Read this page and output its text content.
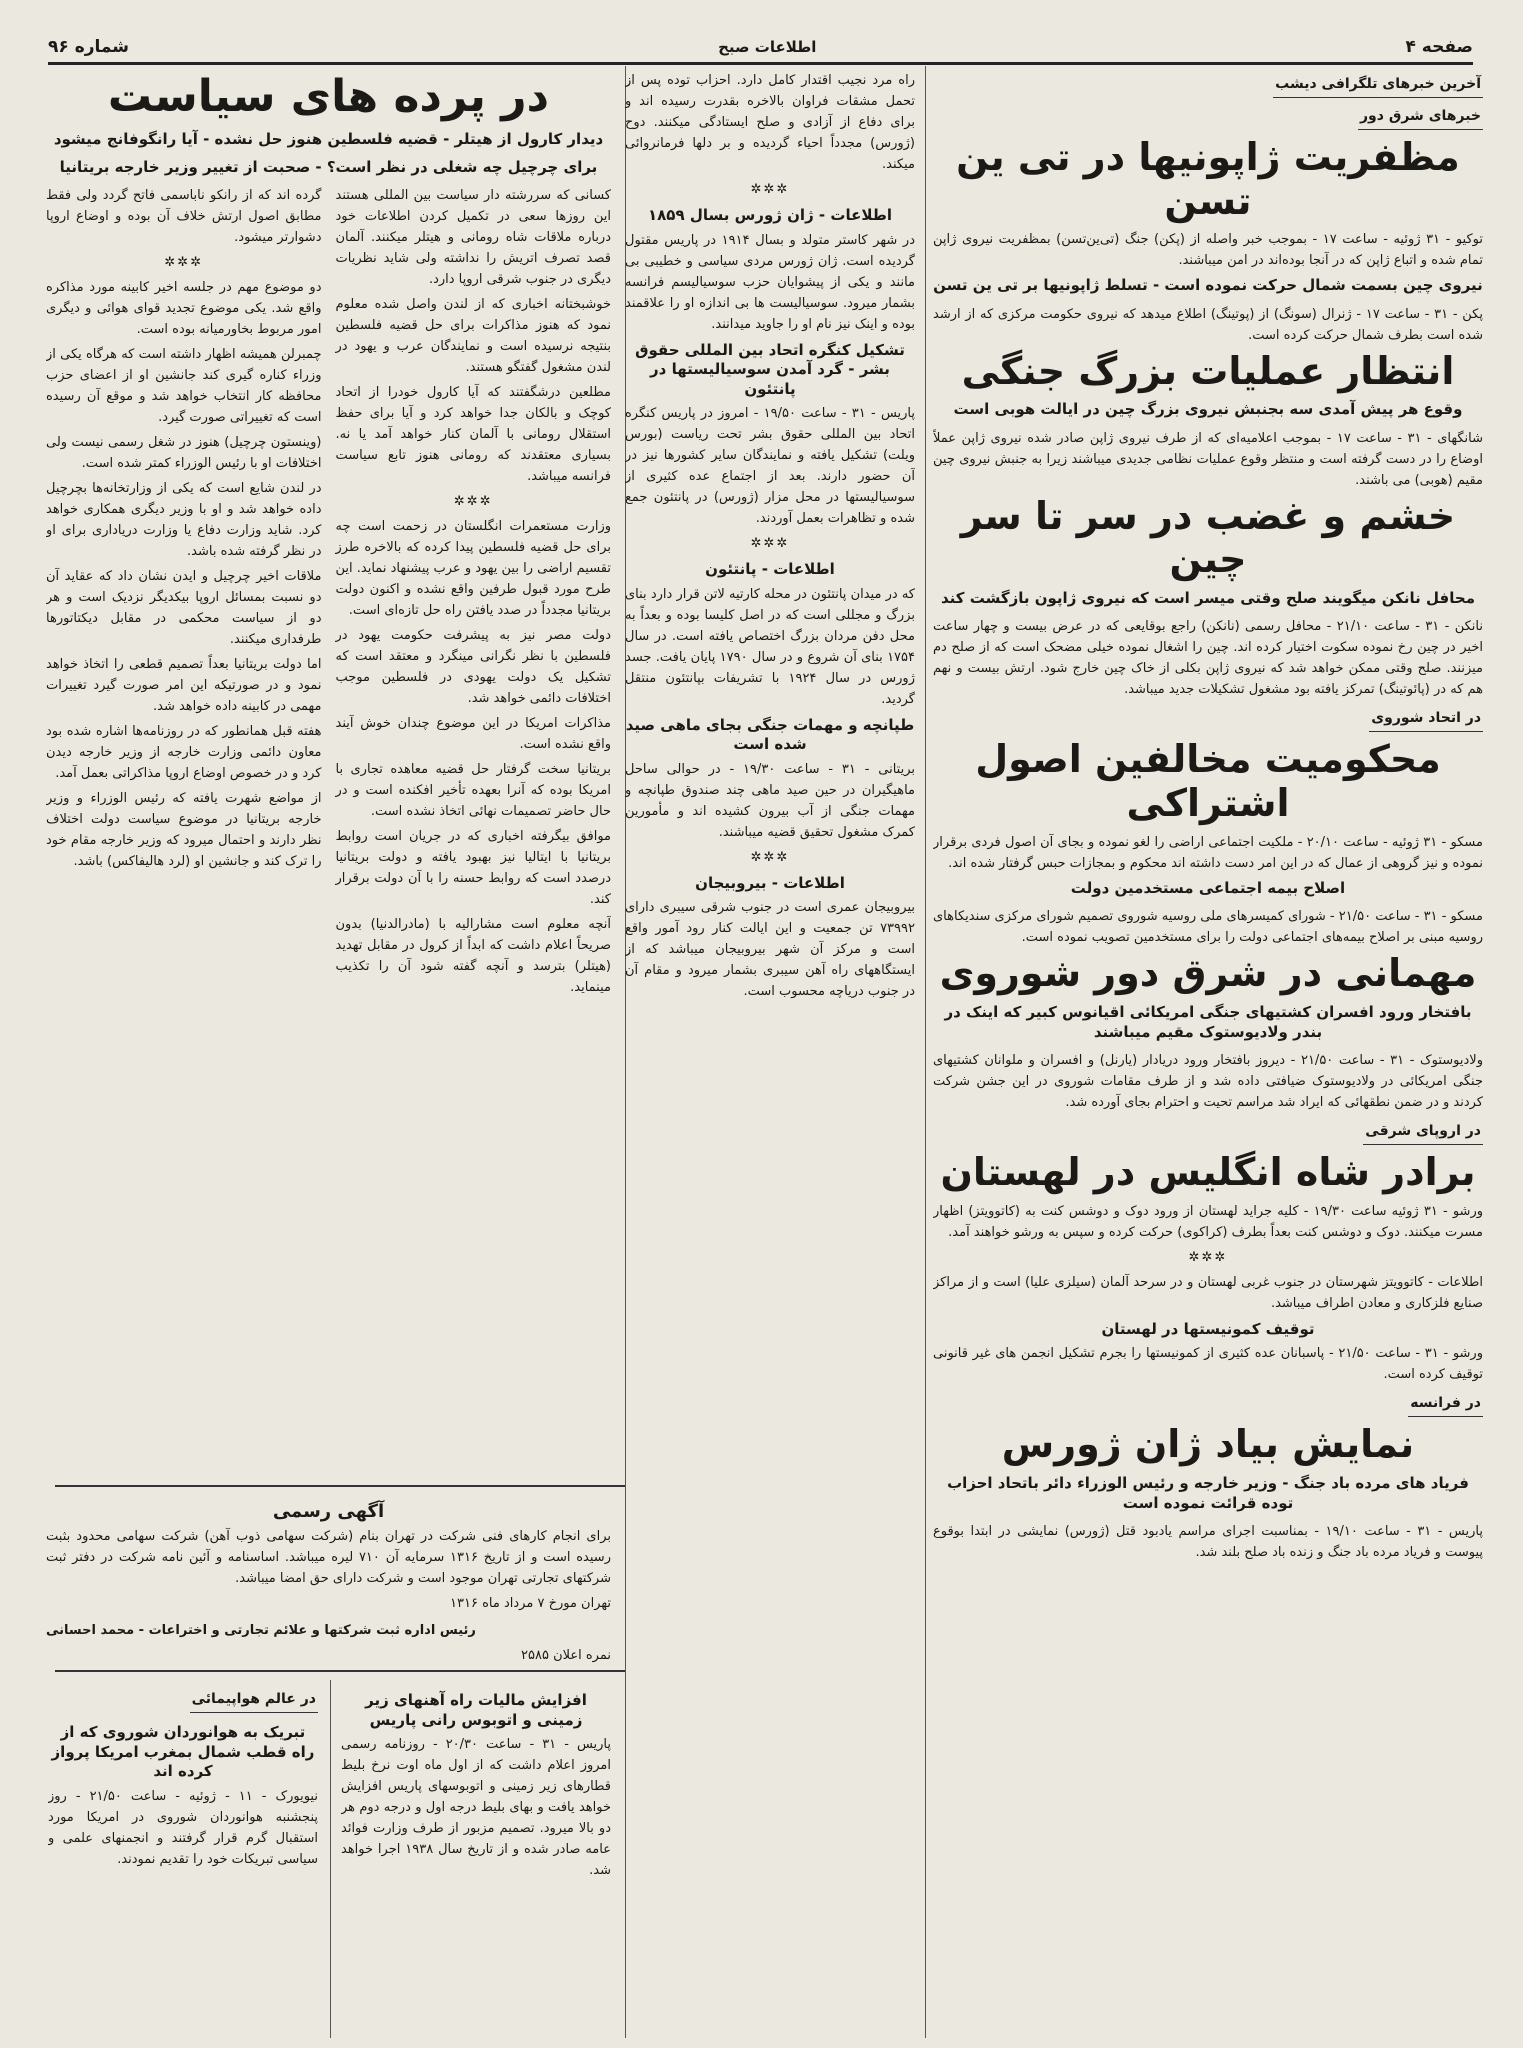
صفحه ۴
اطلاعات صبح
شماره ۹۶
آخرین خبرهای تلگرافی دیشب
خبرهای شرق دور
مظفریت ژاپونیها در تی ین تسن

توکیو - ۳۱ ژوئیه - ساعت ۱۷ - بموجب خبر واصله از (پکن) جنگ (تی‌ین‌تسن) بمظفریت نیروی ژاپن تمام شده و اتباع ژاپن که در آنجا بوده‌اند در امن میباشند.

نیروی چین بسمت شمال حرکت نموده است - تسلط ژاپونیها بر تی ین تسن

پکن - ۳۱ - ساعت ۱۷ - ژنرال (سونگ) از (پوتینگ) اطلاع میدهد که نیروی حکومت مرکزی که از ارشد شده است بطرف شمال حرکت کرده است.

انتظار عملیات بزرگ جنگی
وقوع هر پیش آمدی سه بجنبش نیروی بزرگ چین در ایالت هوبی است

شانگهای - ۳۱ - ساعت ۱۷ - بموجب اعلامیه‌ای که از طرف نیروی ژاپن صادر شده نیروی ژاپن عملاً اوضاع را در دست گرفته است و منتظر وقوع عملیات نظامی جدیدی میباشند زیرا به جنبش نیروی چین مقیم (هوبی) می باشند.

خشم و غضب در سر تا سر چین
محافل نانکن میگویند صلح وقتی میسر است که نیروی ژاپون بازگشت کند

نانکن - ۳۱ - ساعت ۲۱/۱۰ - محافل رسمی (نانکن) راجع بوقایعی که در عرض بیست و چهار ساعت اخیر در چین رخ نموده سکوت اختیار کرده اند. چین را اشغال نموده خیلی مضحک است که از صلح دم میزنند. صلح وقتی ممکن خواهد شد که نیروی ژاپن بکلی از خاک چین خارج شود. ارتش بیست و نهم هم که در (پائوتینگ) تمرکز یافته بود مشغول تشکیلات جدید میباشد.

در اتحاد شوروی
محکومیت مخالفین اصول اشتراکی

مسکو - ۳۱ ژوئیه - ساعت ۲۰/۱۰ - ملکیت اجتماعی اراضی را لغو نموده و بجای آن اصول فردی برقرار نموده و نیز گروهی از عمال که در این امر دست داشته اند محکوم و بمجازات حبس گرفتار شده اند.

اصلاح بیمه اجتماعی مستخدمین دولت

مسکو - ۳۱ - ساعت ۲۱/۵۰ - شورای کمیسرهای ملی روسیه شوروی تصمیم شورای مرکزی سندیکاهای روسیه مبنی بر اصلاح بیمه‌های اجتماعی دولت را برای مستخدمین تصویب نموده است.

مهمانی در شرق دور شوروی
بافتخار ورود افسران کشتیهای جنگی امریکائی اقیانوس کبیر که اینک در بندر ولادیوستوک مقیم میباشند

ولادیوستوک - ۳۱ - ساعت ۲۱/۵۰ - دیروز بافتخار ورود دریادار (یارنل) و افسران و ملوانان کشتیهای جنگی امریکائی در ولادیوستوک ضیافتی داده شد و از طرف مقامات شوروی در این جشن شرکت کردند و در ضمن نطقهائی که ایراد شد مراسم تحیت و احترام بجای آورده شد.

در اروپای شرقی
برادر شاه انگلیس در لهستان

ورشو - ۳۱ ژوئیه ساعت ۱۹/۳۰ - کلیه جراید لهستان از ورود دوک و دوشس کنت به (کاتوویتز) اظهار مسرت میکنند. دوک و دوشس کنت بعداً بطرف (کراکوی) حرکت کرده و سپس به ورشو خواهند آمد.

✲✲✲

اطلاعات - کاتوویتز شهرستان در جنوب غربی لهستان و در سرحد آلمان (سیلزی علیا) است و از مراکز صنایع فلزکاری و معادن اطراف میباشد.

توقیف کمونیستها در لهستان

ورشو - ۳۱ - ساعت ۲۱/۵۰ - پاسبانان عده کثیری از کمونیستها را بجرم تشکیل انجمن های غیر قانونی توقیف کرده است.

در فرانسه
نمایش بیاد ژان ژورس
فریاد های مرده باد جنگ - وزیر خارجه و رئیس الوزراء دائر باتحاد احزاب توده قرائت نموده است

پاریس - ۳۱ - ساعت ۱۹/۱۰ - بمناسبت اجرای مراسم یادبود قتل (ژورس) نمایشی در ابتدا بوقوع پیوست و فریاد مرده باد جنگ و زنده باد صلح بلند شد.

راه مرد نجیب اقتدار کامل دارد. احزاب توده پس از تحمل مشقات فراوان بالاخره بقدرت رسیده اند و برای دفاع از آزادی و صلح ایستادگی میکنند. دوح (ژورس) مجدداً احیاء گردیده و بر دلها فرمانروائی میکند.

✲✲✲
اطلاعات - ژان ژورس بسال ۱۸۵۹

در شهر کاستر متولد و بسال ۱۹۱۴ در پاریس مقتول گردیده است. ژان ژورس مردی سیاسی و خطیبی بی مانند و یکی از پیشوایان حزب سوسیالیسم فرانسه بشمار میرود. سوسیالیست ها بی اندازه او را علاقمند بوده و اینک نیز نام او را جاوید میدانند.

تشکیل کنگره اتحاد بین المللی حقوق بشر - گرد آمدن سوسیالیستها در پانتئون

پاریس - ۳۱ - ساعت ۱۹/۵۰ - امروز در پاریس کنگره اتحاد بین المللی حقوق بشر تحت ریاست (بورس ویلت) تشکیل یافته و نمایندگان سایر کشورها نیز در آن حضور دارند. بعد از اجتماع عده کثیری از سوسیالیستها در محل مزار (ژورس) در پانتئون جمع شده و تظاهرات بعمل آوردند.

✲✲✲
اطلاعات - پانتئون

که در میدان پانتئون در محله کارتیه لاتن قرار دارد بنای بزرگ و مجللی است که در اصل کلیسا بوده و بعداً به محل دفن مردان بزرگ اختصاص یافته است. در سال ۱۷۵۴ بنای آن شروع و در سال ۱۷۹۰ پایان یافت. جسد ژورس در سال ۱۹۲۴ با تشریفات بپانتئون منتقل گردید.

طپانچه و مهمات جنگی بجای ماهی صید شده است

بریتانی - ۳۱ - ساعت ۱۹/۳۰ - در حوالی ساحل ماهیگیران در حین صید ماهی چند صندوق طپانچه و مهمات جنگی از آب بیرون کشیده اند و مأمورین کمرک مشغول تحقیق قضیه میباشند.

✲✲✲
اطلاعات - بیروبیجان

بیروبیجان عمری است در جنوب شرقی سیبری دارای ۷۳۹۹۲ تن جمعیت و این ایالت کنار رود آمور واقع است و مرکز آن شهر بیروبیجان میباشد که از ایستگاههای راه آهن سیبری بشمار میرود و مقام آن در جنوب دریاچه محسوب است.

در پرده های سیاست
دیدار کارول از هیتلر - قضیه فلسطین هنوز حل نشده - آیا رانگوفانج میشود
برای چرچیل چه شغلی در نظر است؟ - صحبت از تغییر وزیر خارجه بریتانیا

کسانی که سررشته دار سیاست بین المللی هستند این روزها سعی در تکمیل کردن اطلاعات خود درباره ملاقات شاه رومانی و هیتلر میکنند. آلمان قصد تصرف اتریش را نداشته ولی شاید نظریات دیگری در جنوب شرقی اروپا دارد.

خوشبختانه اخباری که از لندن واصل شده معلوم نمود که هنوز مذاکرات برای حل قضیه فلسطین بنتیجه نرسیده است و نمایندگان عرب و یهود در لندن مشغول گفتگو هستند.

مطلعین درشگفتند که آیا کارول خودرا از اتحاد کوچک و بالکان جدا خواهد کرد و آیا برای حفظ استقلال رومانی با آلمان کنار خواهد آمد یا نه. بسیاری معتقدند که رومانی هنوز تابع سیاست فرانسه میباشد.

✲✲✲

وزارت مستعمرات انگلستان در زحمت است چه برای حل قضیه فلسطین پیدا کرده که بالاخره طرز تقسیم اراضی را بین یهود و عرب پیشنهاد نماید. این طرح مورد قبول طرفین واقع نشده و اکنون دولت بریتانیا مجدداً در صدد یافتن راه حل تازه‌ای است.

دولت مصر نیز به پیشرفت حکومت یهود در فلسطین با نظر نگرانی مینگرد و معتقد است که تشکیل یک دولت یهودی در فلسطین موجب اختلافات دائمی خواهد شد.

مذاکرات امریکا در این موضوع چندان خوش آیند واقع نشده است.

بریتانیا سخت گرفتار حل قضیه معاهده تجاری با امریکا بوده که آنرا بعهده تأخیر افکنده است و در حال حاضر تصمیمات نهائی اتخاذ نشده است.

موافق بیگرفته اخباری که در جریان است روابط بریتانیا با ایتالیا نیز بهبود یافته و دولت بریتانیا درصدد است که روابط حسنه را با آن دولت برقرار کند.

آنچه معلوم است مشارالیه با (مادرالدنیا) بدون صریحاً اعلام داشت که ابداً از کرول در مقابل تهدید (هیتلر) بترسد و آنچه گفته شود آن را تکذیب مینماید.

گرده اند که از رانکو ناباسمی فاتح گردد ولی فقط مطابق اصول ارتش خلاف آن بوده و اوضاع اروپا دشوارتر میشود.

✲✲✲

دو موضوع مهم در جلسه اخیر کابینه مورد مذاکره واقع شد. یکی موضوع تجدید قوای هوائی و دیگری امور مربوط بخاورمیانه بوده است.

چمبرلن همیشه اظهار داشته است که هرگاه یکی از وزراء کناره گیری کند جانشین او از اعضای حزب محافظه کار انتخاب خواهد شد و موقع آن رسیده است که تغییراتی صورت گیرد.

(وینستون چرچیل) هنوز در شغل رسمی نیست ولی اختلافات او با رئیس الوزراء کمتر شده است.

در لندن شایع است که یکی از وزارتخانه‌ها بچرچیل داده خواهد شد و او با وزیر دیگری همکاری خواهد کرد. شاید وزارت دفاع یا وزارت دریاداری برای او در نظر گرفته شده باشد.

ملاقات اخیر چرچیل و ایدن نشان داد که عقاید آن دو نسبت بمسائل اروپا بیکدیگر نزدیک است و هر دو از سیاست محکمی در مقابل دیکتاتورها طرفداری میکنند.

اما دولت بریتانیا بعداً تصمیم قطعی را اتخاذ خواهد نمود و در صورتیکه این امر صورت گیرد تغییرات مهمی در کابینه داده خواهد شد.

هفته قبل همانطور که در روزنامه‌ها اشاره شده بود معاون دائمی وزارت خارجه از وزیر خارجه دیدن کرد و در خصوص اوضاع اروپا مذاکراتی بعمل آمد.

از مواضع شهرت یافته که رئیس الوزراء و وزیر خارجه بریتانیا در موضوع سیاست دولت اختلاف نظر دارند و احتمال میرود که وزیر خارجه مقام خود را ترک کند و جانشین او (لرد هالیفاکس) باشد.

آگهی رسمی

برای انجام کارهای فنی شرکت در تهران بنام (شرکت سهامی ذوب آهن) شرکت سهامی محدود بثبت رسیده است و از تاریخ ۱۳۱۶ سرمایه آن ۷۱۰ لیره میباشد. اساسنامه و آئین نامه شرکت در دفتر ثبت شرکتهای تجارتی تهران موجود است و شرکت دارای حق امضا میباشد.

تهران مورخ ۷ مرداد ماه ۱۳۱۶

رئیس اداره ثبت شرکتها و علائم تجارتی و اختراعات - محمد احسانی

نمره اعلان ۲۵۸۵

افزایش مالیات راه آهنهای زیر زمینی و اتوبوس رانی پاریس

پاریس - ۳۱ - ساعت ۲۰/۳۰ - روزنامه رسمی امروز اعلام داشت که از اول ماه اوت نرخ بلیط قطارهای زیر زمینی و اتوبوسهای پاریس افزایش خواهد یافت و بهای بلیط درجه اول و درجه دوم هر دو بالا میرود. تصمیم مزبور از طرف وزارت فوائد عامه صادر شده و از تاریخ سال ۱۹۳۸ اجرا خواهد شد.

در عالم هواپیمائی
تبریک به هوانوردان شوروی که از راه قطب شمال بمغرب امریکا پرواز کرده اند

نیویورک - ۱۱ - ژوئیه - ساعت ۲۱/۵۰ - روز پنجشنبه هوانوردان شوروی در امریکا مورد استقبال گرم قرار گرفتند و انجمنهای علمی و سیاسی تبریکات خود را تقدیم نمودند.
